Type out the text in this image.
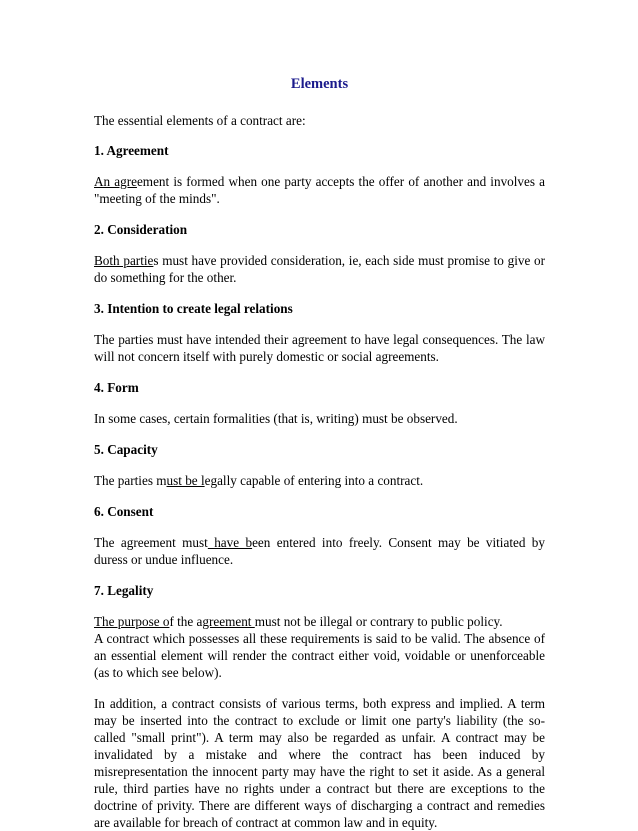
Elements

The essential elements of a contract are:

1. Agreement

An agreement is formed when one party accepts the offer of another and involves a "meeting of the minds".

2. Consideration

Both parties must have provided consideration, ie, each side must promise to give or do something for the other.

3. Intention to create legal relations

The parties must have intended their agreement to have legal consequences. The law will not concern itself with purely domestic or social agreements.

4. Form

In some cases, certain formalities (that is, writing) must be observed.

5. Capacity

The parties must be legally capable of entering into a contract.

6. Consent

The agreement must have been entered into freely. Consent may be vitiated by duress or undue influence.

7. Legality

The purpose of the agreement must not be illegal or contrary to public policy.

A contract which possesses all these requirements is said to be valid. The absence of an essential element will render the contract either void, voidable or unenforceable (as to which see below).

In addition, a contract consists of various terms, both express and implied. A term may be inserted into the contract to exclude or limit one party's liability (the so-called "small print"). A term may also be regarded as unfair. A contract may be invalidated by a mistake and where the contract has been induced by misrepresentation the innocent party may have the right to set it aside. As a general rule, third parties have no rights under a contract but there are exceptions to the doctrine of privity. There are different ways of discharging a contract and remedies are available for breach of contract at common law and in equity.
